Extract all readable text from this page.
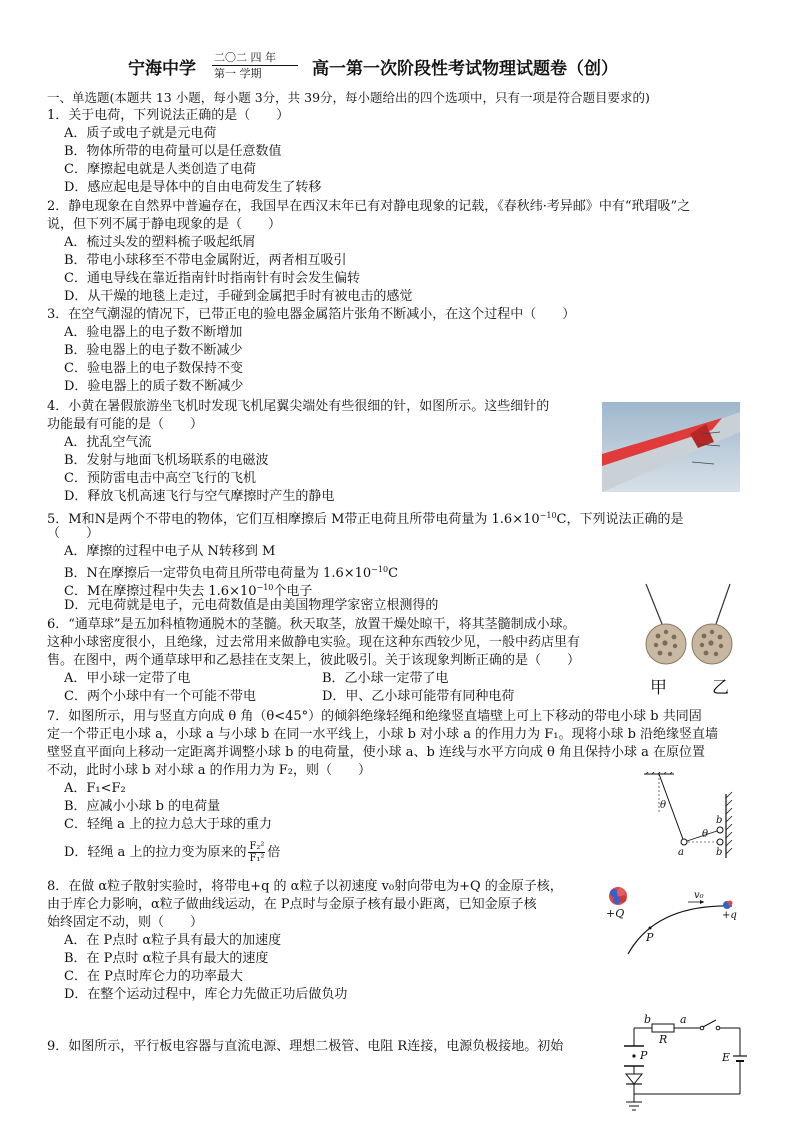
宁海中学
二〇二 四 年
第一 学期	高一第一次阶段性考试物理试题卷（创）
一、单选题(本题共 13 小题，每小题 3分，共 39分，每小题给出的四个选项中，只有一项是符合题目要求的)
1．关于电荷，下列说法正确的是（　　）
A．质子或电子就是元电荷
B．物体所带的电荷量可以是任意数值
C．摩擦起电就是人类创造了电荷
D．感应起电是导体中的自由电荷发生了转移
2．静电现象在自然界中普遍存在，我国早在西汉末年已有对静电现象的记载，《春秋纬·考异邮》中有“玳瑁吸”之
说，但下列不属于静电现象的是（　　）
A．梳过头发的塑料梳子吸起纸屑
B．带电小球移至不带电金属附近，两者相互吸引
C．通电导线在靠近指南针时指南针有时会发生偏转
D．从干燥的地毯上走过，手碰到金属把手时有被电击的感觉
3．在空气潮湿的情况下，已带正电的验电器金属箔片张角不断减小，在这个过程中（　　）
A．验电器上的电子数不断增加
B．验电器上的电子数不断减少
C．验电器上的电子数保持不变
D．验电器上的质子数不断减少
4．小黄在暑假旅游坐飞机时发现飞机尾翼尖端处有些很细的针，如图所示。这些细针的
功能最有可能的是（　　）
A．扰乱空气流
B．发射与地面飞机场联系的电磁波
C．预防雷电击中高空飞行的飞机
D．释放飞机高速飞行与空气摩擦时产生的静电
5．M和N是两个不带电的物体，它们互相摩擦后 M带正电荷且所带电荷量为 $1.6\times 10^{-10}C$，下列说法正确的是
（　　）
A．摩擦的过程中电子从 N转移到 M
B．N在摩擦后一定带负电荷且所带电荷量为 $1.6\times 10^{-10}C$
C．M在摩擦过程中失去 $1.6\times 10^{-10}$个电子
D．元电荷就是电子，元电荷数值是由美国物理学家密立根测得的
甲	乙
6．“通草球”是五加科植物通脱木的茎髓。秋天取茎，放置干燥处晾干，将其茎髓制成小球。
这种小球密度很小，且绝缘，过去常用来做静电实验。现在这种东西较少见，一般中药店里有
售。在图中，两个通草球甲和乙悬挂在支架上，彼此吸引。关于该现象判断正确的是（　　）
A．甲小球一定带了电	B．乙小球一定带了电
C．两个小球中有一个可能不带电	D．甲、乙小球可能带有同种电荷
7．如图所示，用与竖直方向成 θ 角（θ<45°）的倾斜绝缘轻绳和绝缘竖直墙壁上可上下移动的带电小球 b 共同固
定一个带正电小球 a，小球 a 与小球 b 在同一水平线上，小球 b 对小球 a 的作用力为 F₁。现将小球 b 沿绝缘竖直墙
壁竖直平面向上移动一定距离并调整小球 b 的电荷量，使小球 a、b 连线与水平方向成 θ 角且保持小球 a 在原位置
不动，此时小球 b 对小球 a 的作用力为 F₂，则（　　）
A．F₁<F₂
B．应减小小球 b 的电荷量
C．轻绳 a 上的拉力总大于球的重力
D．轻绳 a 上的拉力变为原来的 $\frac{\text{F₂²}}{\text{F₁²}}$ 倍
θ
θ
a
b
b
8．在做 α粒子散射实验时，将带电+q 的 α粒子以初速度 v₀射向带电为+Q 的金原子核，
由于库仑力影响，α粒子做曲线运动，在 P点时与金原子核有最小距离，已知金原子核
始终固定不动，则（　　）
A．在 P点时 α粒子具有最大的加速度
B．在 P点时 α粒子具有最大的速度
C．在 P点时库仑力的功率最大
D．在整个运动过程中，库仑力先做正功后做负功
+Q
v₀
+q
P
9．如图所示，平行板电容器与直流电源、理想二极管、电阻 R连接，电源负极接地。初始
b	a
R
P	E
